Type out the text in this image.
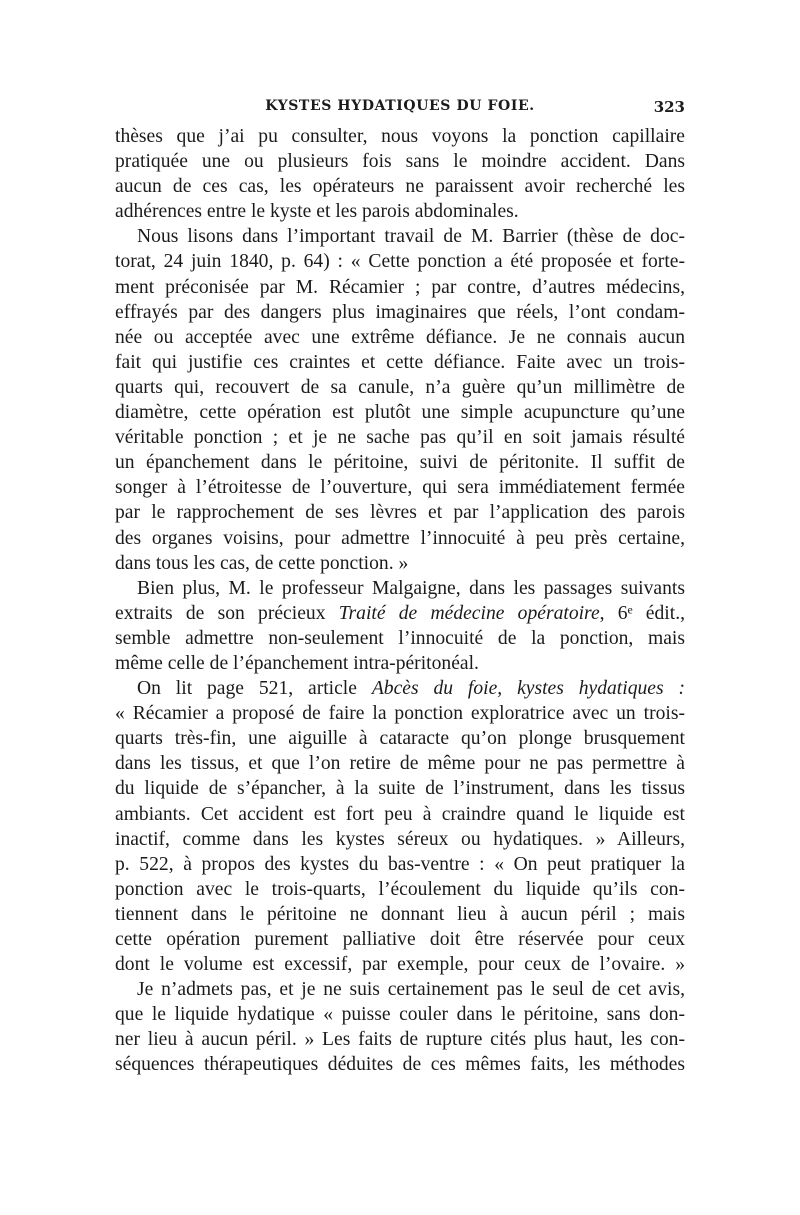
KYSTES HYDATIQUES DU FOIE.	323
thèses que j’ai pu consulter, nous voyons la ponction capillaire
pratiquée une ou plusieurs fois sans le moindre accident. Dans
aucun de ces cas, les opérateurs ne paraissent avoir recherché les
adhérences entre le kyste et les parois abdominales.
Nous lisons dans l’important travail de M. Barrier (thèse de doc-
torat, 24 juin 1840, p. 64) : « Cette ponction a été proposée et forte-
ment préconisée par M. Récamier ; par contre, d’autres médecins,
effrayés par des dangers plus imaginaires que réels, l’ont condam-
née ou acceptée avec une extrême défiance. Je ne connais aucun
fait qui justifie ces craintes et cette défiance. Faite avec un trois-
quarts qui, recouvert de sa canule, n’a guère qu’un millimètre de
diamètre, cette opération est plutôt une simple acupuncture qu’une
véritable ponction ; et je ne sache pas qu’il en soit jamais résulté
un épanchement dans le péritoine, suivi de péritonite. Il suffit de
songer à l’étroitesse de l’ouverture, qui sera immédiatement fermée
par le rapprochement de ses lèvres et par l’application des parois
des organes voisins, pour admettre l’innocuité à peu près certaine,
dans tous les cas, de cette ponction. »
Bien plus, M. le professeur Malgaigne, dans les passages suivants
extraits de son précieux Traité de médecine opératoire, 6ᵉ édit.,
semble admettre non-seulement l’innocuité de la ponction, mais
même celle de l’épanchement intra-péritonéal.
On lit page 521, article Abcès du foie, kystes hydatiques :
« Récamier a proposé de faire la ponction exploratrice avec un trois-
quarts très-fin, une aiguille à cataracte qu’on plonge brusquement
dans les tissus, et que l’on retire de même pour ne pas permettre à
du liquide de s’épancher, à la suite de l’instrument, dans les tissus
ambiants. Cet accident est fort peu à craindre quand le liquide est
inactif, comme dans les kystes séreux ou hydatiques. » Ailleurs,
p. 522, à propos des kystes du bas-ventre : « On peut pratiquer la
ponction avec le trois-quarts, l’écoulement du liquide qu’ils con-
tiennent dans le péritoine ne donnant lieu à aucun péril ; mais
cette opération purement palliative doit être réservée pour ceux
dont le volume est excessif, par exemple, pour ceux de l’ovaire. »
Je n’admets pas, et je ne suis certainement pas le seul de cet avis,
que le liquide hydatique « puisse couler dans le péritoine, sans don-
ner lieu à aucun péril. » Les faits de rupture cités plus haut, les con-
séquences thérapeutiques déduites de ces mêmes faits, les méthodes
